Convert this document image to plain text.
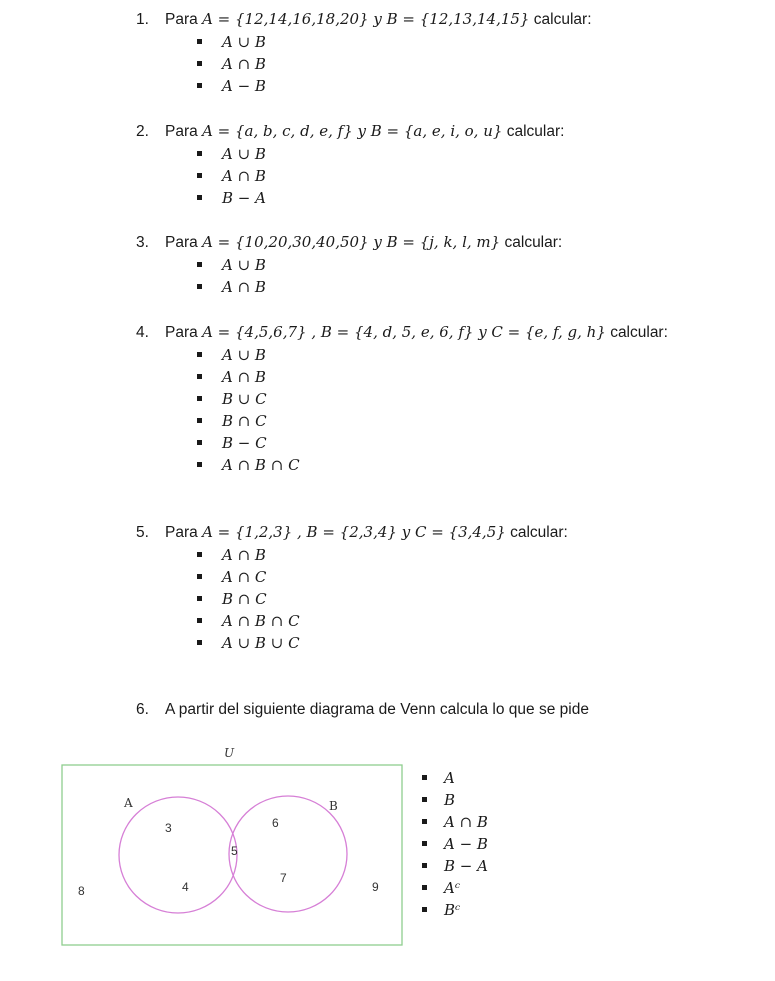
1. Para A = {12,14,16,18,20} y B = {12,13,14,15} calcular:
A ∪ B
A ∩ B
A − B
2. Para A = {a, b, c, d, e, f} y B = {a, e, i, o, u} calcular:
A ∪ B
A ∩ B
B − A
3. Para A = {10,20,30,40,50} y B = {j, k, l, m} calcular:
A ∪ B
A ∩ B
4. Para A = {4,5,6,7} , B = {4, d, 5, e, 6, f} y C = {e, f, g, h} calcular:
A ∪ B
A ∩ B
B ∪ C
B ∩ C
B − C
A ∩ B ∩ C
5. Para A = {1,2,3} , B = {2,3,4} y C = {3,4,5} calcular:
A ∩ B
A ∩ C
B ∩ C
A ∩ B ∩ C
A ∪ B ∪ C
6. A partir del siguiente diagrama de Venn calcula lo que se pide
U
A	B
3
4
5
6
7
8	9
A
B
A ∩ B
A − B
B − A
Aᶜ
Bᶜ
